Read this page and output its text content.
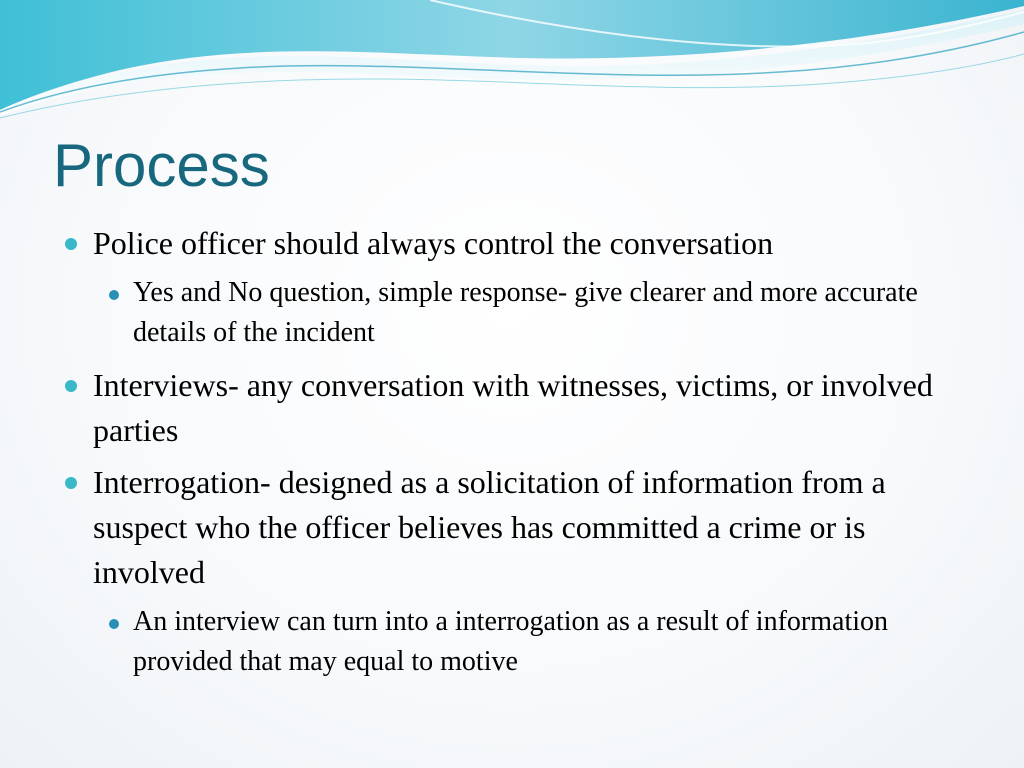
Process
Police officer should always control the conversation
Yes and No question, simple response- give clearer and more accurate details of the incident
Interviews- any conversation with witnesses, victims, or involved parties
Interrogation- designed as a solicitation of information from a suspect who the officer believes has committed a crime or is involved
An interview can turn into a interrogation as a result of information provided that may equal to motive
